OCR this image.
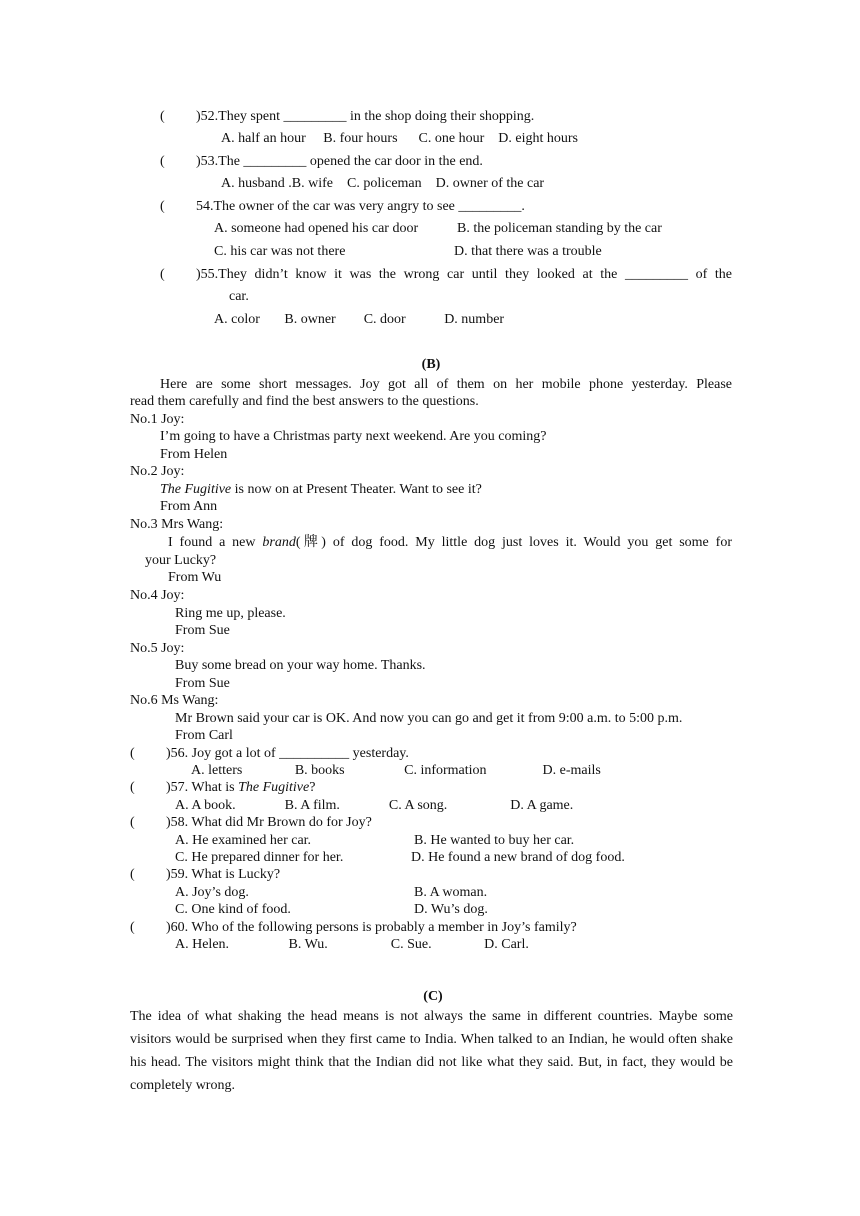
( )52.They spent _________ in the shop doing their shopping.
A. half an hour     B. four hours      C. one hour    D. eight hours
( )53.The _________ opened the car door in the end.
A. husband .B. wife    C. policeman    D. owner of the car
( 54.The owner of the car was very angry to see _________.
A. someone had opened his car door	B. the policeman standing by the car
C. his car was not there	D. that there was a trouble
( )55.They didn’t know it was the wrong car until they looked at the _________ of the
car.
A. color       B. owner        C. door           D. number
(B)
Here are some short messages. Joy got all of them on her mobile phone yesterday. Please
read them carefully and find the best answers to the questions.
No.1 Joy:
I’m going to have a Christmas party next weekend. Are you coming?
From Helen
No.2 Joy:
The Fugitive is now on at Present Theater. Want to see it?
From Ann
No.3 Mrs Wang:
I found a new brand(牌) of dog food. My little dog just loves it. Would you get some for
your Lucky?
From Wu
No.4 Joy:
Ring me up, please.
From Sue
No.5 Joy:
Buy some bread on your way home. Thanks.
From Sue
No.6 Ms Wang:
Mr Brown said your car is OK. And now you can go and get it from 9:00 a.m. to 5:00 p.m.
From Carl
( )56. Joy got a lot of __________ yesterday.
A. letters               B. books                 C. information                D. e-mails
( )57. What is The Fugitive?
A. A book.              B. A film.              C. A song.                  D. A game.
( )58. What did Mr Brown do for Joy?
A. He examined her car.	B. He wanted to buy her car.
C. He prepared dinner for her.	D. He found a new brand of dog food.
( )59. What is Lucky?
A. Joy’s dog.	B. A woman.
C. One kind of food.	D. Wu’s dog.
( )60. Who of the following persons is probably a member in Joy’s family?
A. Helen.                 B. Wu.                  C. Sue.               D. Carl.
(C)
The idea of what shaking the head means is not always the same in different countries. Maybe some visitors would be surprised when they first came to India. When talked to an Indian, he would often shake his head. The visitors might think that the Indian did not like what they said. But, in fact, they would be completely wrong.
